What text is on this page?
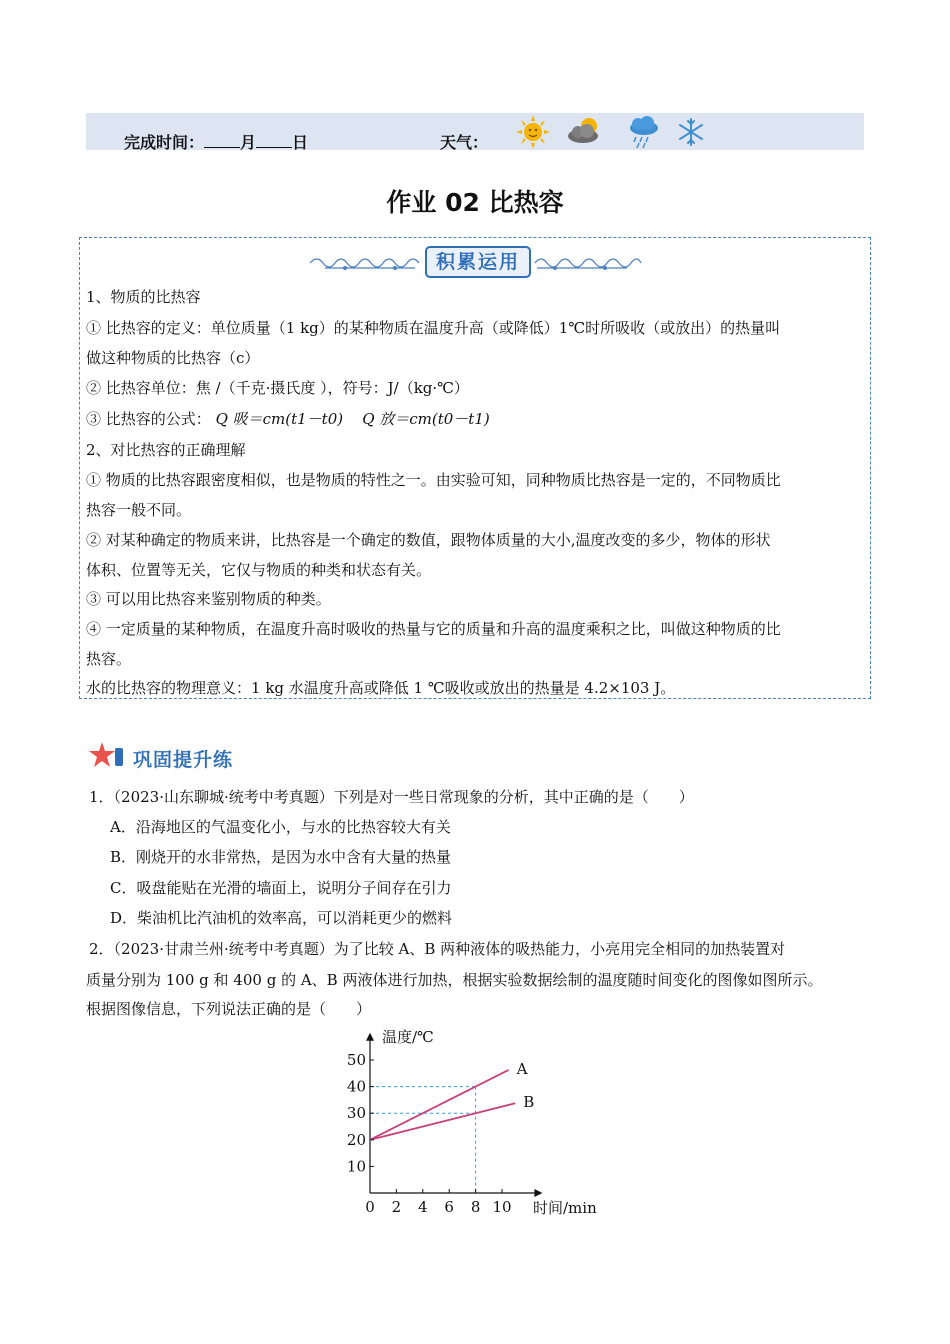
完成时间： 月 日	天气：
作业 02 比热容
积累运用
1、物质的比热容
① 比热容的定义：单位质量（1 kg）的某种物质在温度升高（或降低）1℃时所吸收（或放出）的热量叫
做这种物质的比热容（c）
② 比热容单位：焦 /（千克·摄氏度 ），符号：J/（kg·℃）
③ 比热容的公式： Q 吸＝cm(t1－t0) Q 放＝cm(t0－t1)
2、对比热容的正确理解
① 物质的比热容跟密度相似，也是物质的特性之一。由实验可知，同种物质比热容是一定的，不同物质比
热容一般不同。
② 对某种确定的物质来讲，比热容是一个确定的数值，跟物体质量的大小,温度改变的多少，物体的形状
体积、位置等无关，它仅与物质的种类和状态有关。
③ 可以用比热容来鉴别物质的种类。
④ 一定质量的某种物质，在温度升高时吸收的热量与它的质量和升高的温度乘积之比，叫做这种物质的比
热容。
水的比热容的物理意义：1 kg 水温度升高或降低 1 ℃吸收或放出的热量是 4.2×103 J。
巩固提升练
1．（2023·山东聊城·统考中考真题）下列是对一些日常现象的分析，其中正确的是（　　）
A．沿海地区的气温变化小，与水的比热容较大有关
B．刚烧开的水非常热，是因为水中含有大量的热量
C．吸盘能贴在光滑的墙面上，说明分子间存在引力
D．柴油机比汽油机的效率高，可以消耗更少的燃料
2．（2023·甘肃兰州·统考中考真题）为了比较 A、B 两种液体的吸热能力，小亮用完全相同的加热装置对
质量分别为 100 g 和 400 g 的 A、B 两液体进行加热，根据实验数据绘制的温度随时间变化的图像如图所示。
根据图像信息，下列说法正确的是（　　）
A
B
0 2 4 6 8 10
10
20
30
40
50
温度/℃
时间/min
